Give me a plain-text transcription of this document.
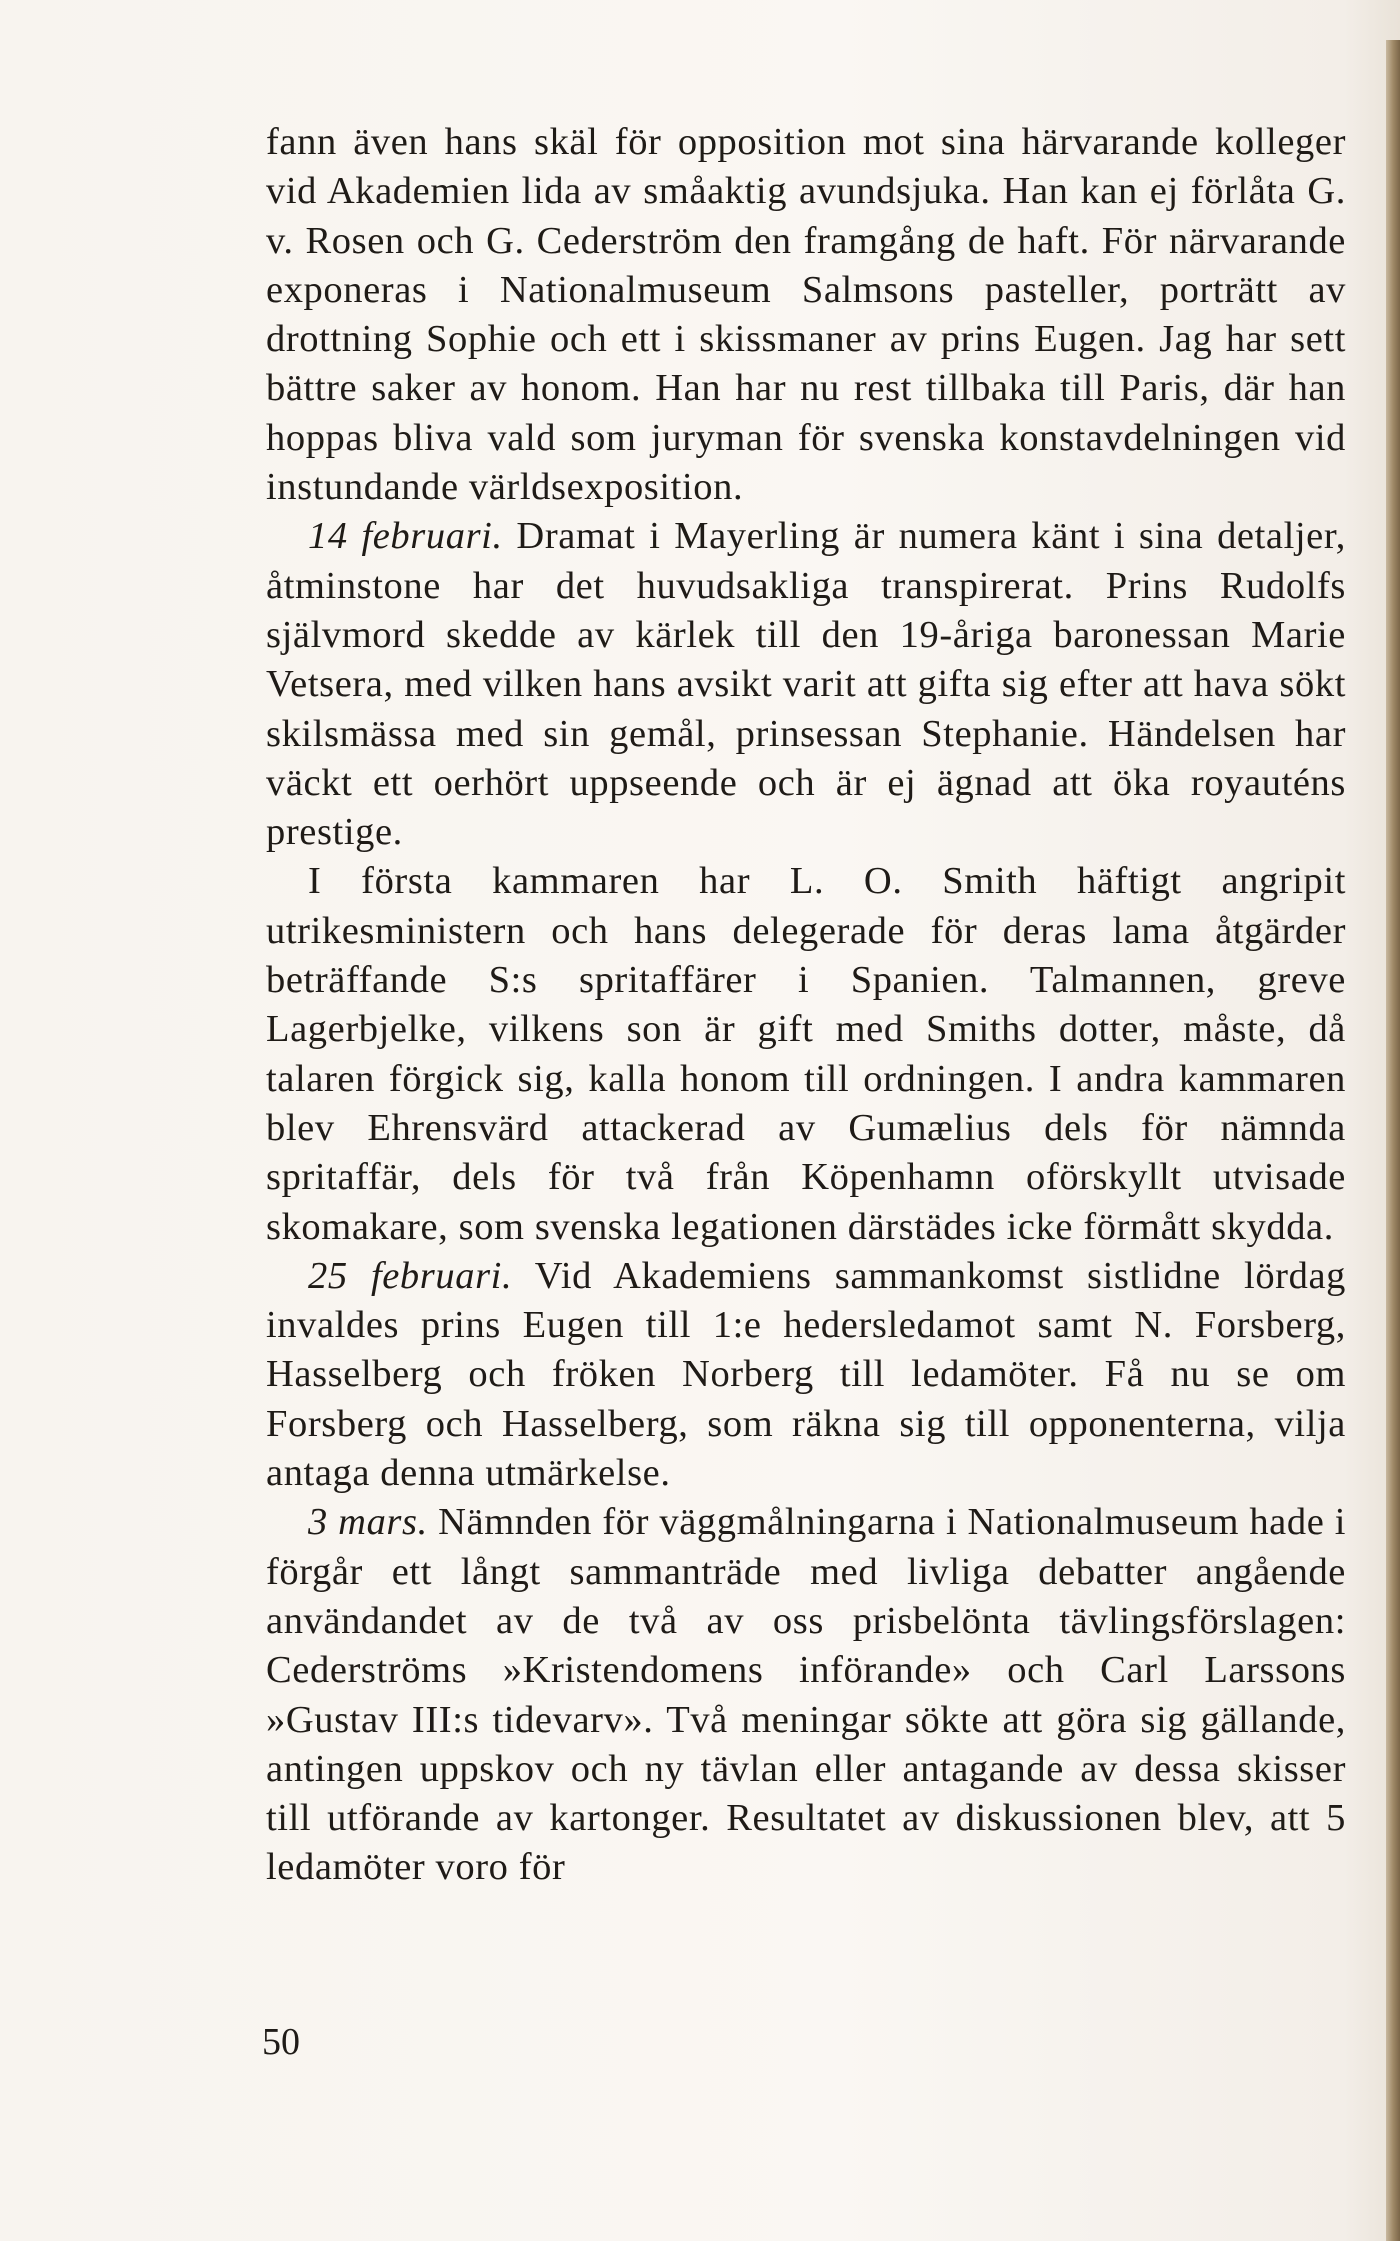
fann även hans skäl för opposition mot sina härvarande kolleger vid Akademien lida av småaktig avundsjuka. Han kan ej förlåta G. v. Rosen och G. Cederström den framgång de haft. För närvarande exponeras i Nationalmuseum Salmsons pasteller, porträtt av drottning Sophie och ett i skissmaner av prins Eugen. Jag har sett bättre saker av honom. Han har nu rest tillbaka till Paris, där han hoppas bliva vald som juryman för svenska konstavdelningen vid instundande världsexposition.

14 februari. Dramat i Mayerling är numera känt i sina detaljer, åtminstone har det huvudsakliga transpirerat. Prins Rudolfs självmord skedde av kärlek till den 19-åriga baronessan Marie Vetsera, med vilken hans avsikt varit att gifta sig efter att hava sökt skilsmässa med sin gemål, prinsessan Stephanie. Händelsen har väckt ett oerhört uppseende och är ej ägnad att öka royauténs prestige.

I första kammaren har L. O. Smith häftigt angripit utrikesministern och hans delegerade för deras lama åtgärder beträffande S:s spritaffärer i Spanien. Talmannen, greve Lagerbjelke, vilkens son är gift med Smiths dotter, måste, då talaren förgick sig, kalla honom till ordningen. I andra kammaren blev Ehrensvärd attackerad av Gumælius dels för nämnda spritaffär, dels för två från Köpenhamn oförskyllt utvisade skomakare, som svenska legationen därstädes icke förmått skydda.

25 februari. Vid Akademiens sammankomst sistlidne lördag invaldes prins Eugen till 1:e hedersledamot samt N. Forsberg, Hasselberg och fröken Norberg till ledamöter. Få nu se om Forsberg och Hasselberg, som räkna sig till opponenterna, vilja antaga denna utmärkelse.

3 mars. Nämnden för väggmålningarna i Nationalmuseum hade i förgår ett långt sammanträde med livliga debatter angående användandet av de två av oss prisbelönta tävlingsförslagen: Cederströms »Kristendomens införande» och Carl Larssons »Gustav III:s tidevarv». Två meningar sökte att göra sig gällande, antingen uppskov och ny tävlan eller antagande av dessa skisser till utförande av kartonger. Resultatet av diskussionen blev, att 5 ledamöter voro för

50
